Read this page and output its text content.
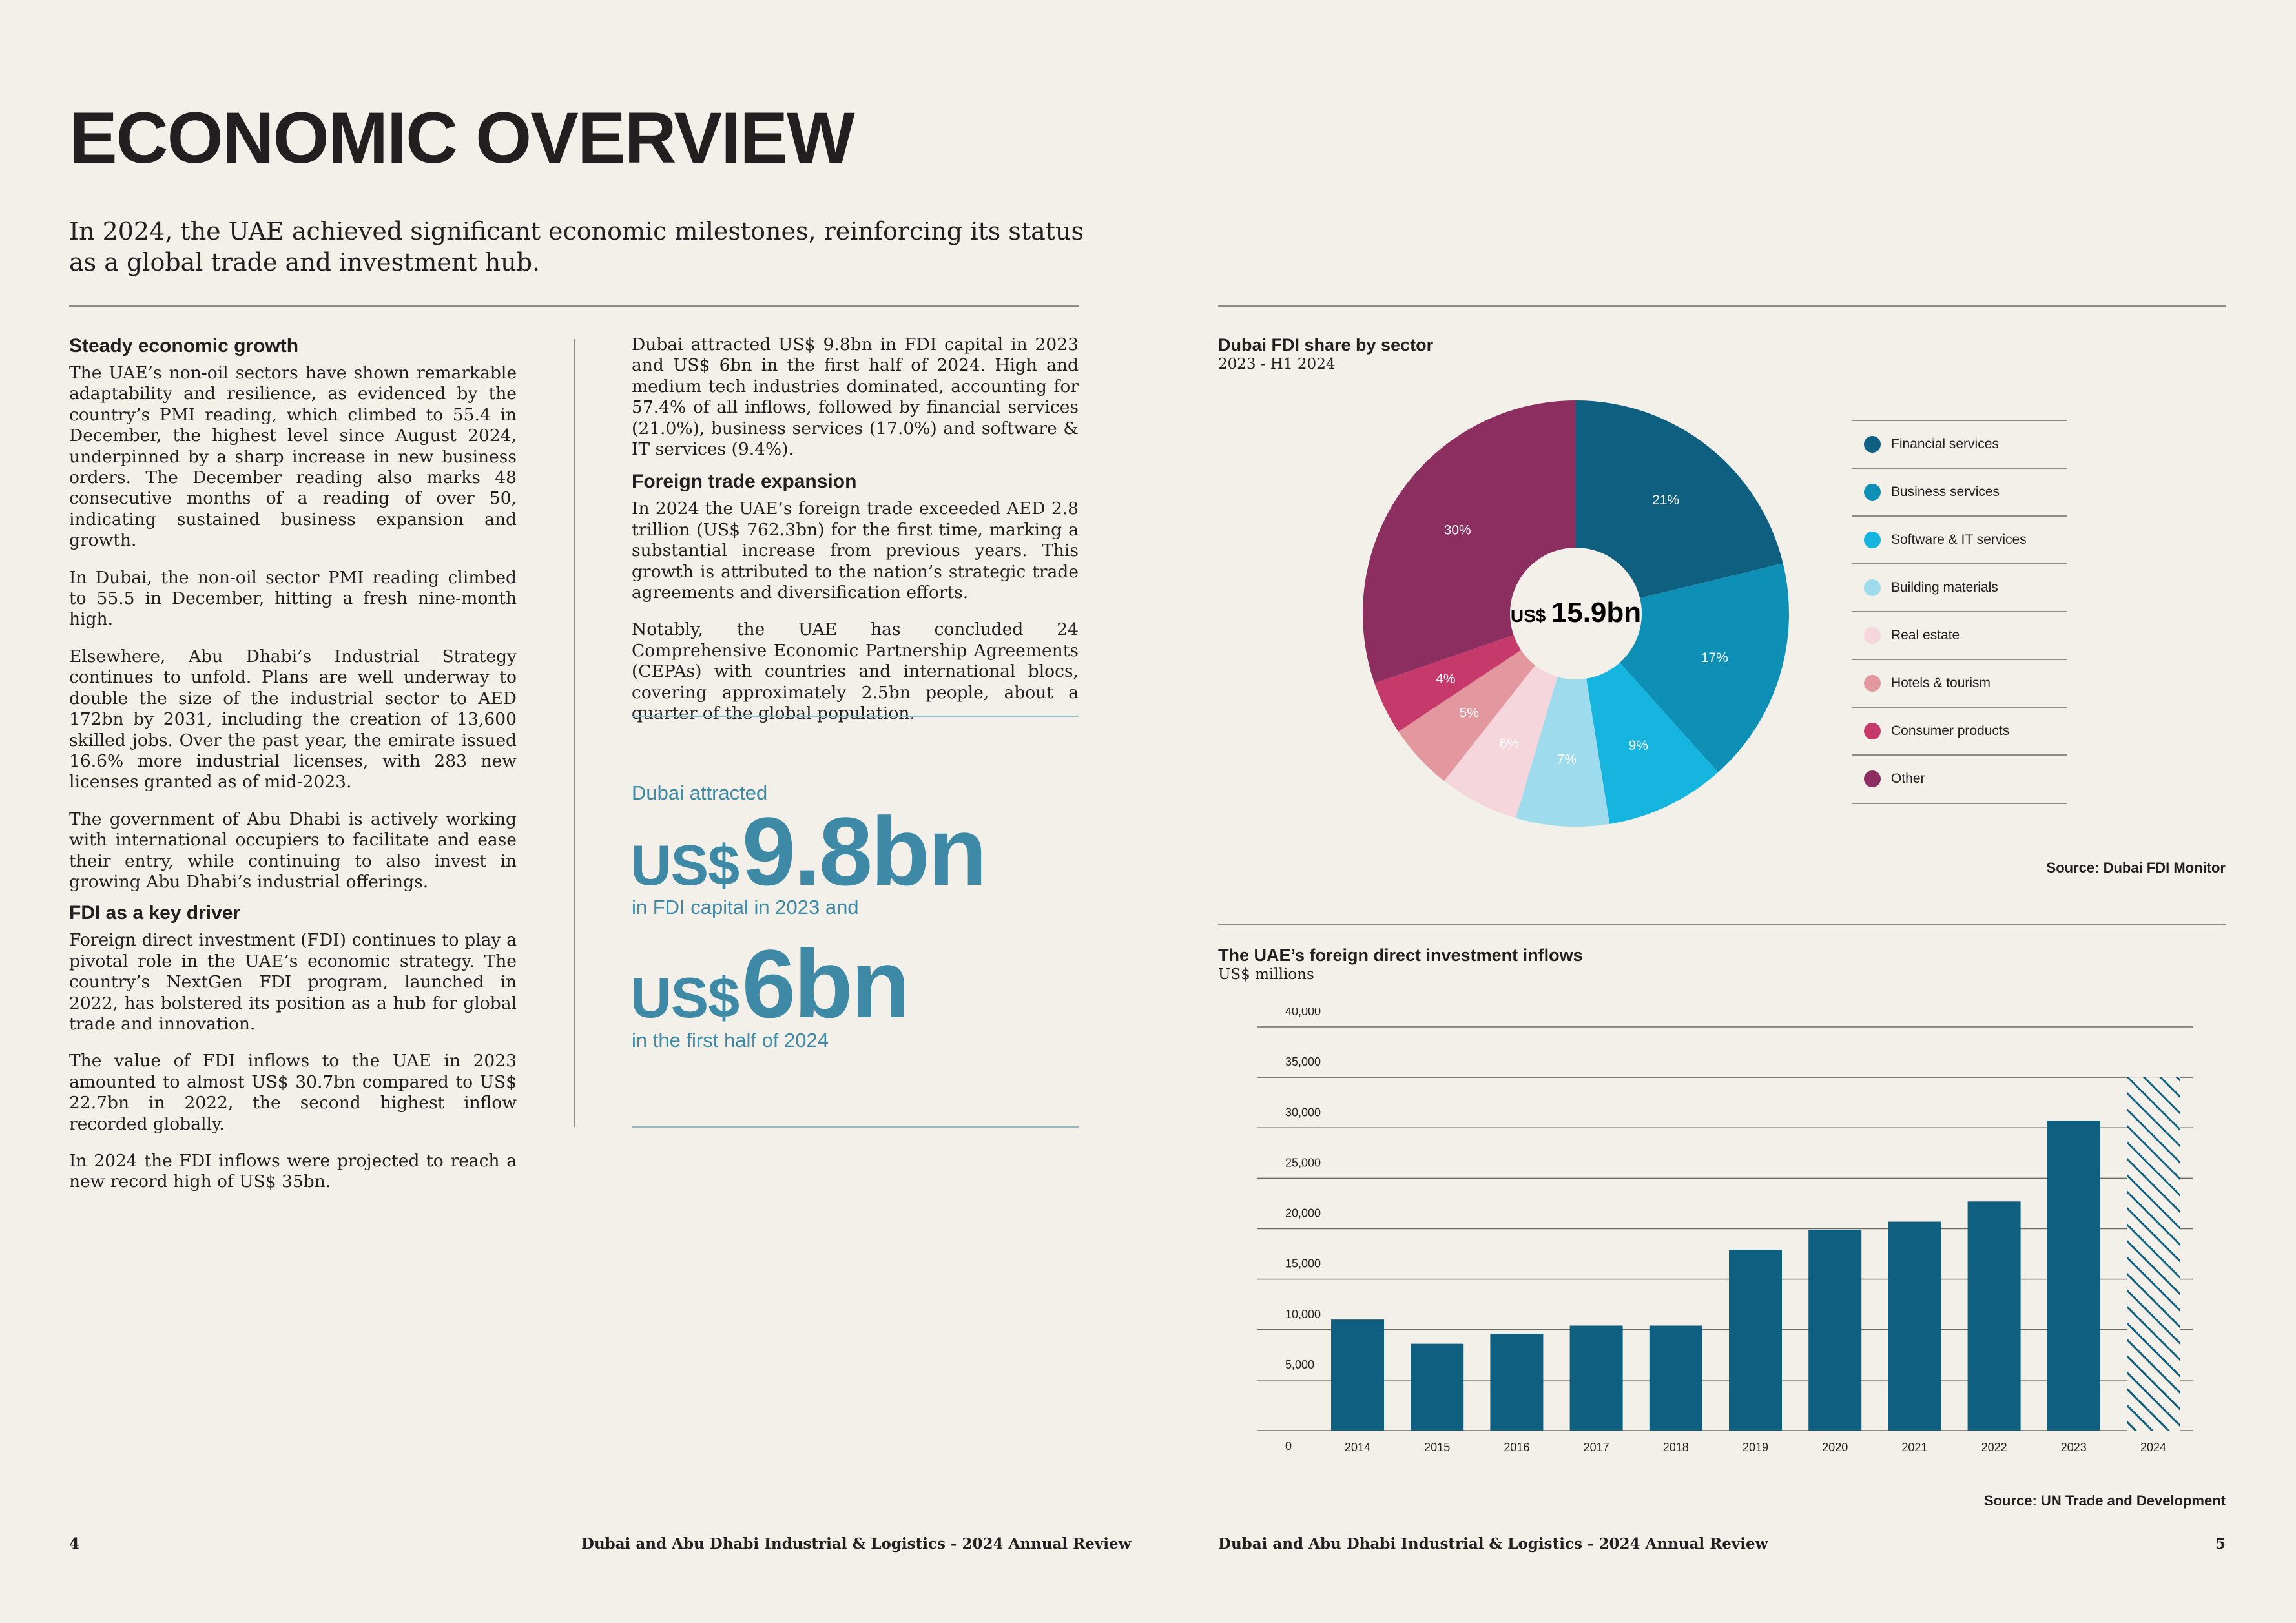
ECONOMIC OVERVIEW

In 2024, the UAE achieved significant economic milestones, reinforcing its status as a global trade and investment hub.

Steady economic growth

The UAE’s non-oil sectors have shown remarkable adaptability and resilience, as evidenced by the country’s PMI reading, which climbed to 55.4 in December, the highest level since August 2024, underpinned by a sharp increase in new business orders. The December reading also marks 48 consecutive months of a reading of over 50, indicating sustained business expansion and growth.

In Dubai, the non-oil sector PMI reading climbed to 55.5 in December, hitting a fresh nine-month high.

Elsewhere, Abu Dhabi’s Industrial Strategy continues to unfold. Plans are well underway to double the size of the industrial sector to AED 172bn by 2031, including the creation of 13,600 skilled jobs. Over the past year, the emirate issued 16.6% more industrial licenses, with 283 new licenses granted as of mid-2023.

The government of Abu Dhabi is actively working with international occupiers to facilitate and ease their entry, while continuing to also invest in growing Abu Dhabi’s industrial offerings.

FDI as a key driver

Foreign direct investment (FDI) continues to play a pivotal role in the UAE’s economic strategy. The country’s NextGen FDI program, launched in 2022, has bolstered its position as a hub for global trade and innovation.

The value of FDI inflows to the UAE in 2023 amounted to almost US$ 30.7bn compared to US$ 22.7bn in 2022, the second highest inflow recorded globally.

In 2024 the FDI inflows were projected to reach a new record high of US$ 35bn.

Dubai attracted US$ 9.8bn in FDI capital in 2023 and US$ 6bn in the first half of 2024. High and medium tech industries dominated, accounting for 57.4% of all inflows, followed by financial services (21.0%), business services (17.0%) and software & IT services (9.4%).

Foreign trade expansion

In 2024 the UAE’s foreign trade exceeded AED 2.8 trillion (US$ 762.3bn) for the first time, marking a substantial increase from previous years. This growth is attributed to the nation’s strategic trade agreements and diversification efforts.

Notably, the UAE has concluded 24 Comprehensive Economic Partnership Agreements (CEPAs) with countries and international blocs, covering approximately 2.5bn people, about a quarter of the global population.

Dubai attracted
US$ 9.8bn
in FDI capital in 2023 and
US$ 6bn
in the first half of 2024
Dubai FDI share by sector
2023 - H1 2024
21%
17%
9%
7%
6%
5%
4%
30%
US$ 15.9bn
Financial services
Business services
Software & IT services
Building materials
Real estate
Hotels & tourism
Consumer products
Other
Source: Dubai FDI Monitor
The UAE’s foreign direct investment inflows
US$ millions
0
5,000
10,000
15,000
20,000
25,000
30,000
35,000
40,000
2014	2015	2016	2017	2018	2019	2020	2021	2022	2023	2024
Source: UN Trade and Development
4	Dubai and Abu Dhabi Industrial & Logistics - 2024 Annual Review	Dubai and Abu Dhabi Industrial & Logistics - 2024 Annual Review	5
